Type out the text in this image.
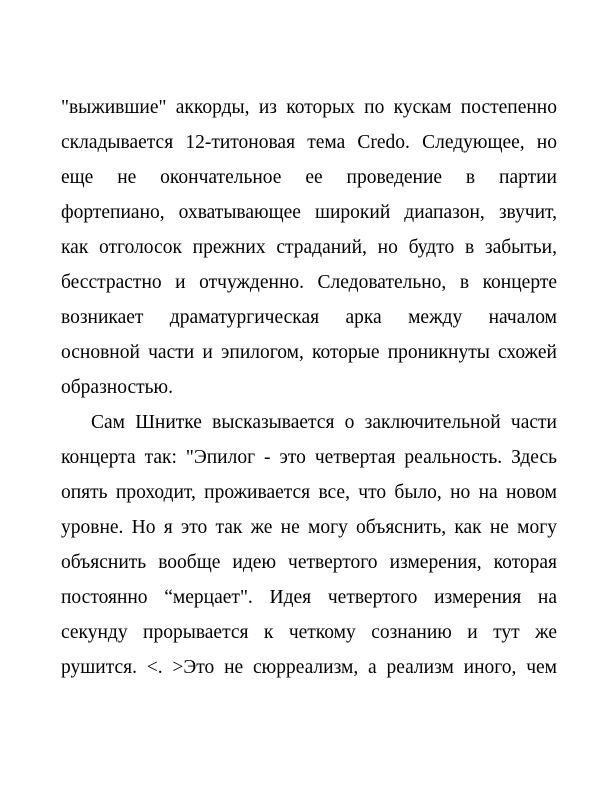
"выжившие" аккорды, из которых по кускам постепенно
складывается 12-титоновая тема Credo. Следующее, но
еще не окончательное ее проведение в партии
фортепиано, охватывающее широкий диапазон, звучит,
как отголосок прежних страданий, но будто в забытьи,
бесстрастно и отчужденно. Следовательно, в концерте
возникает драматургическая арка между началом
основной части и эпилогом, которые проникнуты схожей
образностью.
Сам Шнитке высказывается о заключительной части
концерта так: "Эпилог - это четвертая реальность. Здесь
опять проходит, проживается все, что было, но на новом
уровне. Но я это так же не могу объяснить, как не могу
объяснить вообще идею четвертого измерения, которая
постоянно “мерцает". Идея четвертого измерения на
секунду прорывается к четкому сознанию и тут же
рушится. <. >Это не сюрреализм, а реализм иного, чем
